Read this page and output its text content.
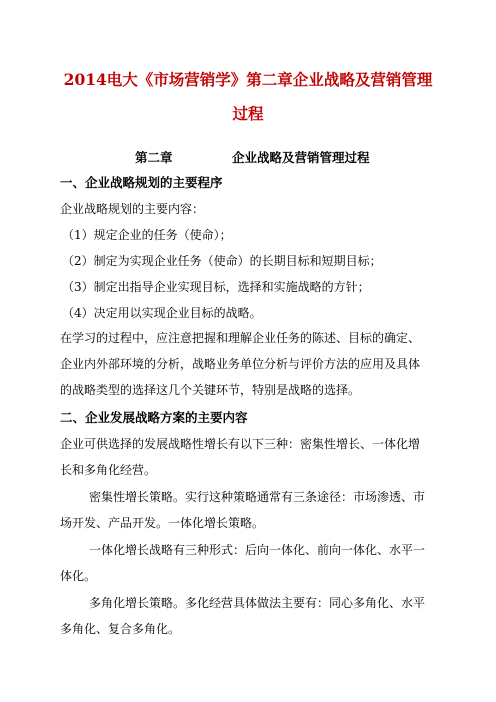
2014电大《市场营销学》第二章企业战略及营销管理
过程
第二章	企业战略及营销管理过程
一、企业战略规划的主要程序
企业战略规划的主要内容：
（1）规定企业的任务（使命）；
（2）制定为实现企业任务（使命）的长期目标和短期目标；
（3）制定出指导企业实现目标，选择和实施战略的方针；
（4）决定用以实现企业目标的战略。
在学习的过程中，应注意把握和理解企业任务的陈述、目标的确定、
企业内外部环境的分析，战略业务单位分析与评价方法的应用及具体
的战略类型的选择这几个关键环节，特别是战略的选择。
二、企业发展战略方案的主要内容
企业可供选择的发展战略性增长有以下三种：密集性增长、一体化增
长和多角化经营。
密集性增长策略。实行这种策略通常有三条途径：市场渗透、市
场开发、产品开发。一体化增长策略。
一体化增长战略有三种形式：后向一体化、前向一体化、水平一
体化。
多角化增长策略。多化经营具体做法主要有：同心多角化、水平
多角化、复合多角化。
